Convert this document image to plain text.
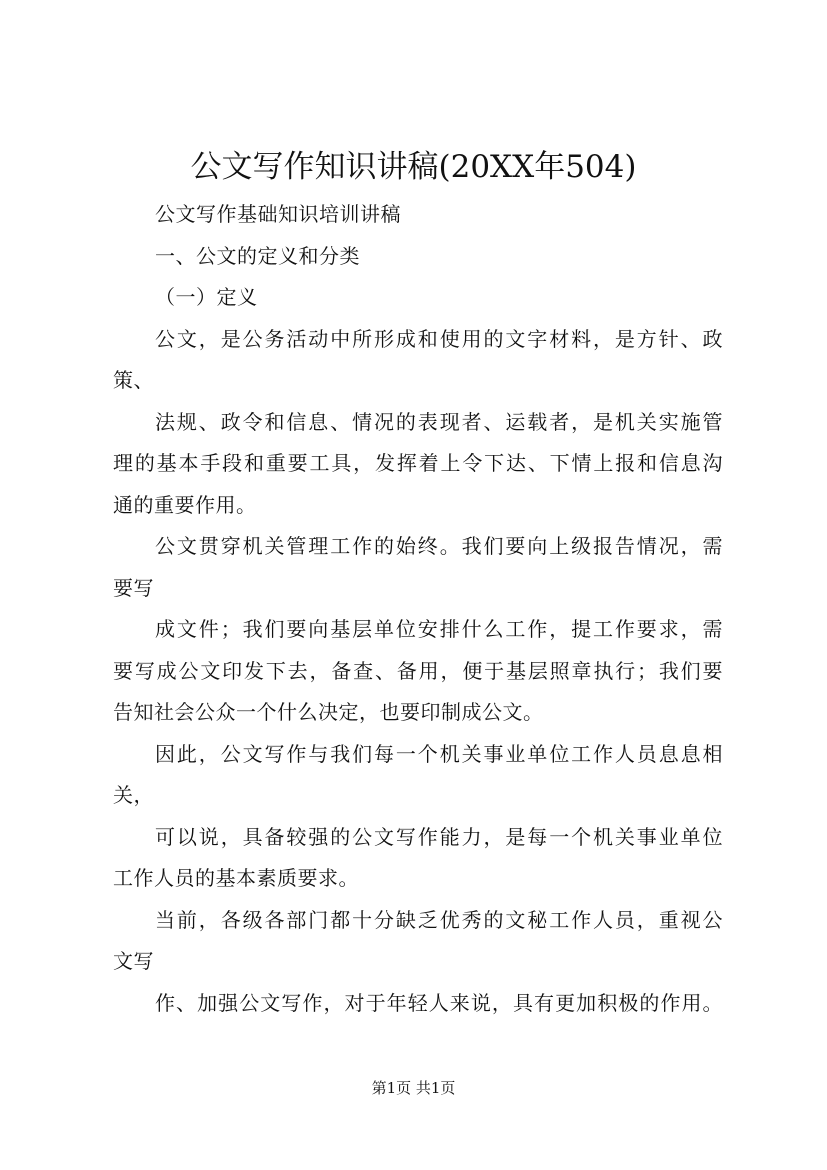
公文写作知识讲稿(20XX年504)
公文写作基础知识培训讲稿
一、公文的定义和分类
（一）定义
公文，是公务活动中所形成和使用的文字材料，是方针、政
策、
法规、政令和信息、情况的表现者、运载者，是机关实施管
理的基本手段和重要工具，发挥着上令下达、下情上报和信息沟
通的重要作用。
公文贯穿机关管理工作的始终。我们要向上级报告情况，需
要写
成文件；我们要向基层单位安排什么工作，提工作要求，需
要写成公文印发下去，备查、备用，便于基层照章执行；我们要
告知社会公众一个什么决定，也要印制成公文。
因此，公文写作与我们每一个机关事业单位工作人员息息相
关，
可以说，具备较强的公文写作能力，是每一个机关事业单位
工作人员的基本素质要求。
当前，各级各部门都十分缺乏优秀的文秘工作人员，重视公
文写
作、加强公文写作，对于年轻人来说，具有更加积极的作用。
第1页 共1页
